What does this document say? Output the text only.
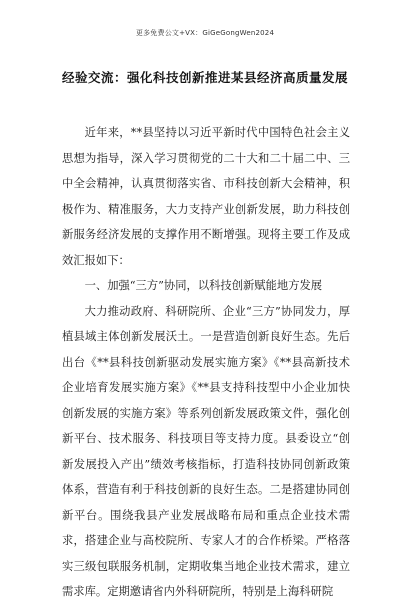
更多免费公文+VX：GiGeGongWen2024
经验交流：强化科技创新推进某县经济高质量发展

近年来，**县坚持以习近平新时代中国特色社会主义思想为指导，深入学习贯彻党的二十大和二十届二中、三中全会精神，认真贯彻落实省、市科技创新大会精神，积极作为、精准服务，大力支持产业创新发展，助力科技创新服务经济发展的支撑作用不断增强。现将主要工作及成效汇报如下：

一、加强“三方”协同，以科技创新赋能地方发展

大力推动政府、科研院所、企业“三方”协同发力，厚植县域主体创新发展沃土。一是营造创新良好生态。先后出台《**县科技创新驱动发展实施方案》《**县高新技术企业培育发展实施方案》《**县支持科技型中小企业加快创新发展的实施方案》等系列创新发展政策文件，强化创新平台、技术服务、科技项目等支持力度。县委设立“创新发展投入产出”绩效考核指标，打造科技协同创新政策体系，营造有利于科技创新的良好生态。二是搭建协同创新平台。围绕我县产业发展战略布局和重点企业技术需求，搭建企业与高校院所、专家人才的合作桥梁。严格落实三级包联服务机制，定期收集当地企业技术需求，建立需求库。定期邀请省内外科研院所，特别是上海科研院
